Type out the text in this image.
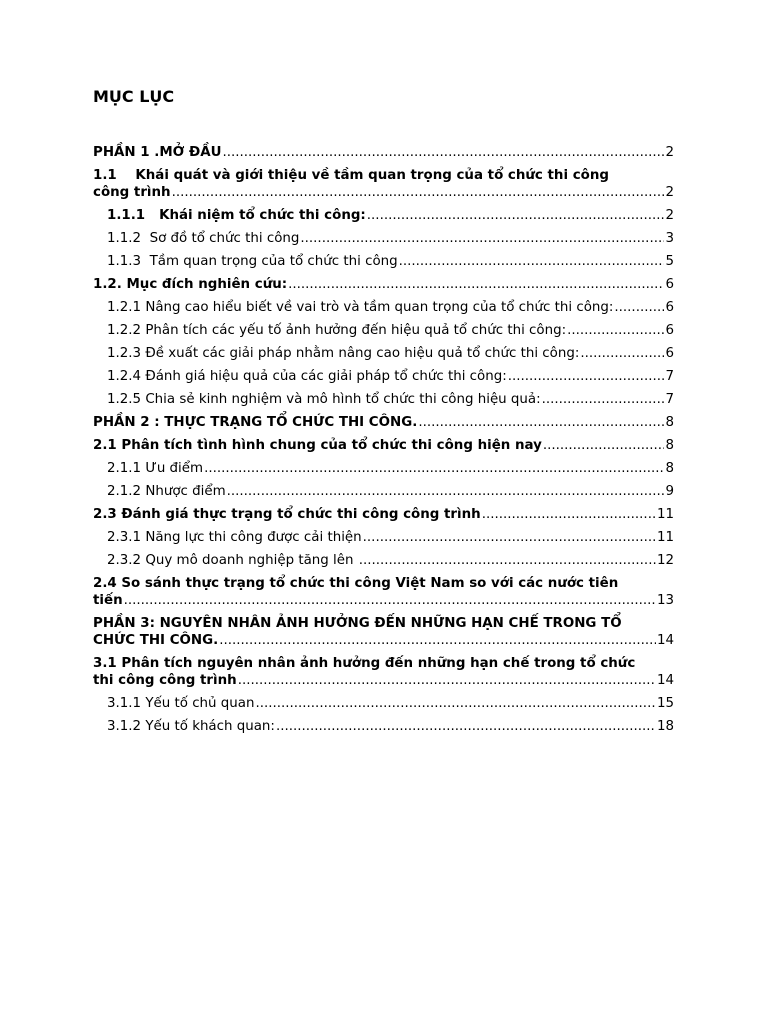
MỤC LỤC
PHẦN 1 .MỞ ĐẦU .....	2
1.1    Khái quát và giới thiệu về tầm quan trọng của tổ chức thi công
công trình .....	2
1.1.1   Khái niệm tổ chức thi công: .....	2
1.1.2  Sơ đồ tổ chức thi công .....	3
1.1.3  Tầm quan trọng của tổ chức thi công .....	5
1.2. Mục đích nghiên cứu: .....	6
1.2.1 Nâng cao hiểu biết về vai trò và tầm quan trọng của tổ chức thi công: .....	6
1.2.2 Phân tích các yếu tố ảnh hưởng đến hiệu quả tổ chức thi công: .....	6
1.2.3 Đề xuất các giải pháp nhằm nâng cao hiệu quả tổ chức thi công: .....	6
1.2.4 Đánh giá hiệu quả của các giải pháp tổ chức thi công: .....	7
1.2.5 Chia sẻ kinh nghiệm và mô hình tổ chức thi công hiệu quả: .....	7
PHẦN 2 : THỰC TRẠNG TỔ CHỨC THI CÔNG. .....	8
2.1 Phân tích tình hình chung của tổ chức thi công hiện nay .....	8
2.1.1 Ưu điểm .....	8
2.1.2 Nhược điểm .....	9
2.3 Đánh giá thực trạng tổ chức thi công công trình .....	11
2.3.1 Năng lực thi công được cải thiện .....	11
2.3.2 Quy mô doanh nghiệp tăng lên .....	12
2.4 So sánh thực trạng tổ chức thi công Việt Nam so với các nước tiên
tiến .....	13
PHẦN 3: NGUYÊN NHÂN ẢNH HƯỞNG ĐẾN NHỮNG HẠN CHẾ TRONG TỔ
CHỨC THI CÔNG. .....	14
3.1 Phân tích nguyên nhân ảnh hưởng đến những hạn chế trong tổ chức
thi công công trình .....	14
3.1.1 Yếu tố chủ quan .....	15
3.1.2 Yếu tố khách quan: .....	18
